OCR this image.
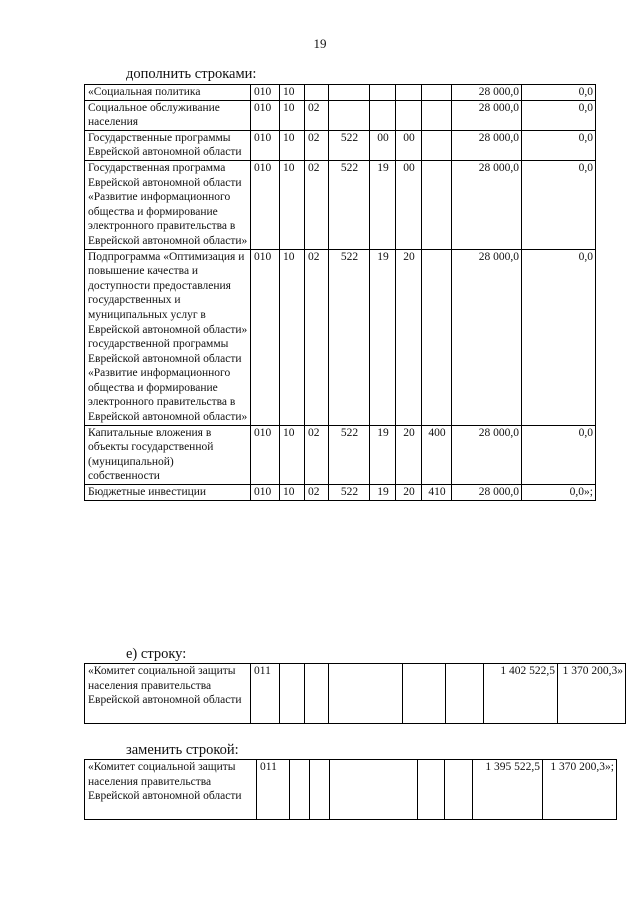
19
дополнить строками:
«Социальная политика	010	10						28 000,0	0,0
Социальное обслуживание населения	010	10	02					28 000,0	0,0
Государственные программы Еврейской автономной области	010	10	02	522	00	00		28 000,0	0,0
Государственная программа Еврейской автономной области «Развитие информационного общества и формирование электронного правительства в Еврейской автономной области»	010	10	02	522	19	00		28 000,0	0,0
Подпрограмма «Оптимизация и повышение качества и доступности предоставления государственных и муниципальных услуг в Еврейской автономной области» государственной программы Еврейской автономной области «Развитие информационного общества и формирование электронного правительства в Еврейской автономной области»	010	10	02	522	19	20		28 000,0	0,0
Капитальные вложения в объекты государственной (муниципальной) собственности	010	10	02	522	19	20	400	28 000,0	0,0
Бюджетные инвестиции	010	10	02	522	19	20	410	28 000,0	0,0»;
е) строку:
«Комитет социальной защиты населения правительства Еврейской автономной области	011						1 402 522,5	1 370 200,3»
заменить строкой:
«Комитет социальной защиты населения правительства Еврейской автономной области	011						1 395 522,5	1 370 200,3»;
